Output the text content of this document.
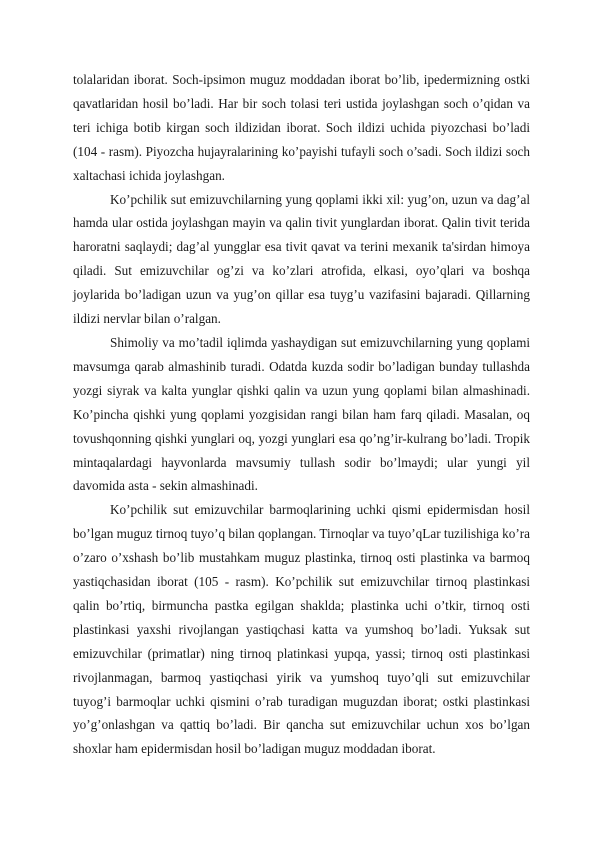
tolalaridan iborat. Soch-ipsimon muguz moddadan iborat bo’lib, ipedermizning ostki qavatlaridan hosil bo’ladi. Har bir soch tolasi teri ustida joylashgan soch o’qidan va teri ichiga botib kirgan soch ildizidan iborat. Soch ildizi uchida piyozchasi bo’ladi (104 - rasm). Piyozcha hujayralarining ko’payishi tufayli soch o’sadi. Soch ildizi soch xaltachasi ichida joylashgan.

Ko’pchilik sut emizuvchilarning yung qoplami ikki xil: yug’on, uzun va dag’al hamda ular ostida joylashgan mayin va qalin tivit yunglardan iborat. Qalin tivit terida haroratni saqlaydi; dag’al yungglar esa tivit qavat va terini mexanik ta'sirdan himoya qiladi. Sut emizuvchilar og’zi va ko’zlari atrofida, elkasi, oyo’qlari va boshqa joylarida bo’ladigan uzun va yug’on qillar esa tuyg’u vazifasini bajaradi. Qillarning ildizi nervlar bilan o’ralgan.

Shimoliy va mo’tadil iqlimda yashaydigan sut emizuvchilarning yung qoplami mavsumga qarab almashinib turadi. Odatda kuzda sodir bo’ladigan bunday tullashda yozgi siyrak va kalta yunglar qishki qalin va uzun yung qoplami bilan almashinadi. Ko’pincha qishki yung qoplami yozgisidan rangi bilan ham farq qiladi. Masalan, oq tovushqonning qishki yunglari oq, yozgi yunglari esa qo’ng’ir-kulrang bo’ladi. Tropik mintaqalardagi hayvonlarda mavsumiy tullash sodir bo’lmaydi; ular yungi yil davomida asta - sekin almashinadi.

Ko’pchilik sut emizuvchilar barmoqlarining uchki qismi epidermisdan hosil bo’lgan muguz tirnoq tuyo’q bilan qoplangan. Tirnoqlar va tuyo’qLar tuzilishiga ko’ra o’zaro o’xshash bo’lib mustahkam muguz plastinka, tirnoq osti plastinka va barmoq yastiqchasidan iborat (105 - rasm). Ko’pchilik sut emizuvchilar tirnoq plastinkasi qalin bo’rtiq, birmuncha pastka egilgan shaklda; plastinka uchi o’tkir, tirnoq osti plastinkasi yaxshi rivojlangan yastiqchasi katta va yumshoq bo’ladi. Yuksak sut emizuvchilar (primatlar) ning tirnoq platinkasi yupqa, yassi; tirnoq osti plastinkasi rivojlanmagan, barmoq yastiqchasi yirik va yumshoq tuyo’qli sut emizuvchilar tuyog’i barmoqlar uchki qismini o’rab turadigan muguzdan iborat; ostki plastinkasi yo’g’onlashgan va qattiq bo’ladi. Bir qancha sut emizuvchilar uchun xos bo’lgan shoxlar ham epidermisdan hosil bo’ladigan muguz moddadan iborat.
